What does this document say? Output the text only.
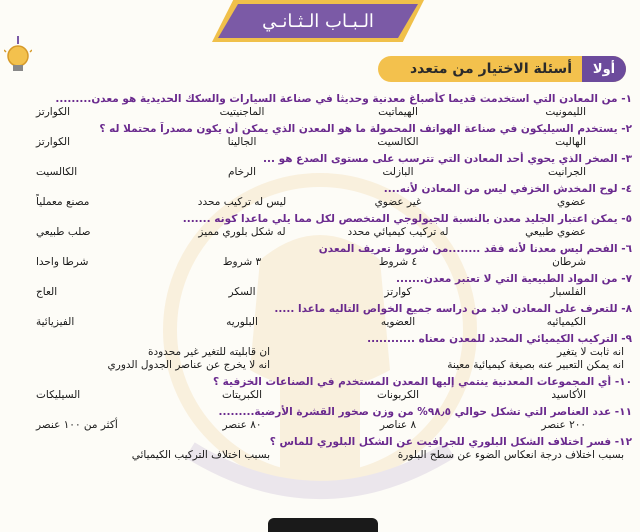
الـبـاب الـثـانـي
أولا
أسئلة الاختيار من متعدد
١- من المعادن التي استخدمت قديما كأصباغ معدنية وحديثا في صناعة السيارات والسكك الحديدية هو معدن.........
الليمونيت
الهيماتيت
الماجنيتيت
الكوارتز
٢- يستخدم السيليكون في صناعة الهواتف المحمولة ما هو المعدن الذي يمكن أن يكون مصدراً محتملا له ؟
الهاليت
الكالسيت
الجالينا
الكوارتز
٣- الصخر الذي يحوي أحد المعادن التي تترسب على مستوى الصدع هو ...
الجرانيت
البازلت
الرخام
الكالسيت
٤- لوح المخدش الخزفي ليس من المعادن لأنه....
عضوي
غير عضوي
ليس له تركيب محدد
مصنع معملياً
٥- يمكن اعتبار الجليد معدن بالنسبة للجيولوجي المتخصص لكل مما يلي ماعدا كونه .......
عضوي طبيعي
له تركيب كيميائي محدد
له شكل بلوري مميز
صلب طبيعي
٦- الفحم ليس معدنا لأنه فقد ........من شروط تعريف المعدن
شرطان
٤ شروط
٣ شروط
شرطا واحدا
٧- من المواد الطبيعية التي لا تعتبر معدن.......
الفلسبار
كوارتز
السكر
العاج
٨- للتعرف على المعادن لابد من دراسه جميع الخواص التاليه ماعدا .....
الكيميائيه
العضويه
البلوريه
الفيزيائية
٩- التركيب الكيميائي المحدد للمعدن معناه ............
انه ثابت لا يتغير
ان قابليته للتغير غير محدودة
انه يمكن التعبير عنه بصيغة كيميائية معينة
انه لا يخرج عن عناصر الجدول الدوري
١٠- أي المجموعات المعدنية ينتمي إليها المعدن المستخدم في الصناعات الخزفية ؟
الأكاسيد
الكربونات
الكبريتات
السيليكات
١١- عدد العناصر التي تشكل حوالي ٩٨٫٥% من وزن صخور القشرة الأرضية.........
٢٠٠ عنصر
٨ عناصر
٨٠ عنصر
أكثر من ١٠٠ عنصر
١٢- فسر اختلاف الشكل البلوري للجرافيت عن الشكل البلوري للماس ؟
بسبب اختلاف درجة انعكاس الضوء عن سطح البلورة
بسبب اختلاف التركيب الكيميائي
